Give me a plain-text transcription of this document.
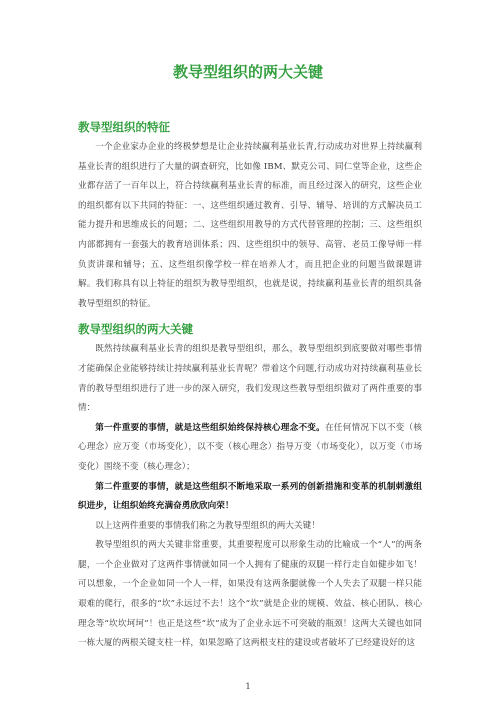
教导型组织的两大关键
教导型组织的特征

一个企业家办企业的终极梦想是让企业持续赢利基业长青,行动成功对世界上持续赢利基业长青的组织进行了大量的调查研究，比如像 IBM、默克公司、同仁堂等企业，这些企业都存活了一百年以上，符合持续赢利基业长青的标准，而且经过深入的研究，这些企业的组织都有以下共同的特征：一、这些组织通过教育、引导、辅导、培训的方式解决员工能力提升和思维成长的问题；二、这些组织用教导的方式代替管理的控制；三、这些组织内部都拥有一套强大的教育培训体系；四、这些组织中的领导、高管、老员工像导师一样负责讲课和辅导；五、这些组织像学校一样在培养人才，而且把企业的问题当做课题讲解。我们称具有以上特征的组织为教导型组织，也就是说，持续赢利基业长青的组织具备教导型组织的特征。

教导型组织的两大关键

既然持续赢利基业长青的组织是教导型组织，那么，教导型组织到底要做对哪些事情才能确保企业能够持续让持续赢利基业长青呢？带着这个问题,行动成功对持续赢利基业长青的教导型组织进行了进一步的深入研究，我们发现这些教导型组织做对了两件重要的事情：

第一件重要的事情，就是这些组织始终保持核心理念不变。在任何情况下以不变（核心理念）应万变（市场变化），以不变（核心理念）指导万变（市场变化），以万变（市场变化）围绕不变（核心理念）；

第二件重要的事情，就是这些组织不断地采取一系列的创新措施和变革的机制刺激组织进步，让组织始终充满奋勇欣欣向荣！

以上这两件重要的事情我们称之为教导型组织的两大关键！

教导型组织的两大关键非常重要，其重要程度可以形象生动的比喻成一个“人”的两条腿，一个企业做对了这两件事情就如同一个人拥有了健康的双腿一样行走自如健步如飞！可以想象，一个企业如同一个人一样，如果没有这两条腿就像一个人失去了双腿一样只能艰难的爬行，很多的“坎”永远过不去！这个“坎”就是企业的规模、效益、核心团队、核心理念等“坎坎坷坷”！也正是这些“坎”成为了企业永远不可突破的瓶颈！这两大关键也如同一栋大厦的两根关键支柱一样，如果忽略了这两根支柱的建设或者破坏了已经建设好的这

1
